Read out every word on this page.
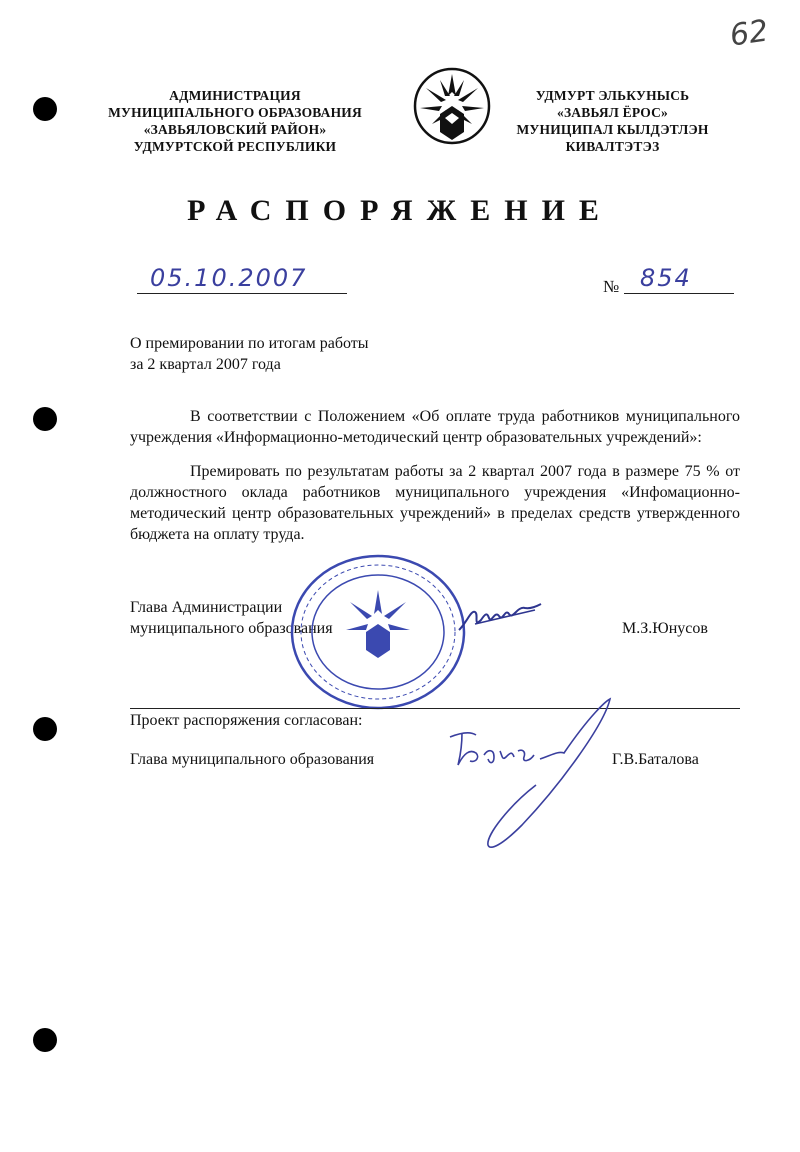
62
АДМИНИСТРАЦИЯ
МУНИЦИПАЛЬНОГО ОБРАЗОВАНИЯ
«ЗАВЬЯЛОВСКИЙ РАЙОН»
УДМУРТСКОЙ РЕСПУБЛИКИ
УДМУРТ ЭЛЬКУНЫСЬ
«ЗАВЬЯЛ ЁРОС»
МУНИЦИПАЛ КЫЛДЭТЛЭН
КИВАЛТЭТЭЗ
РАСПОРЯЖЕНИЕ
05.10.2007	№ 854
О премировании по итогам работы
за 2 квартал 2007 года
В соответствии с Положением «Об оплате труда работников муниципального учреждения «Информационно-методический центр образовательных учреждений»:
Премировать по результатам работы за 2 квартал 2007 года в размере 75 % от должностного оклада работников муниципального учреждения «Инфомационно-методический центр образовательных учреждений» в пределах средств утвержденного бюджета на оплату труда.
Глава Администрации
муниципального образования	М.З.Юнусов
Проект распоряжения согласован:
Глава муниципального образования	Г.В.Баталова
